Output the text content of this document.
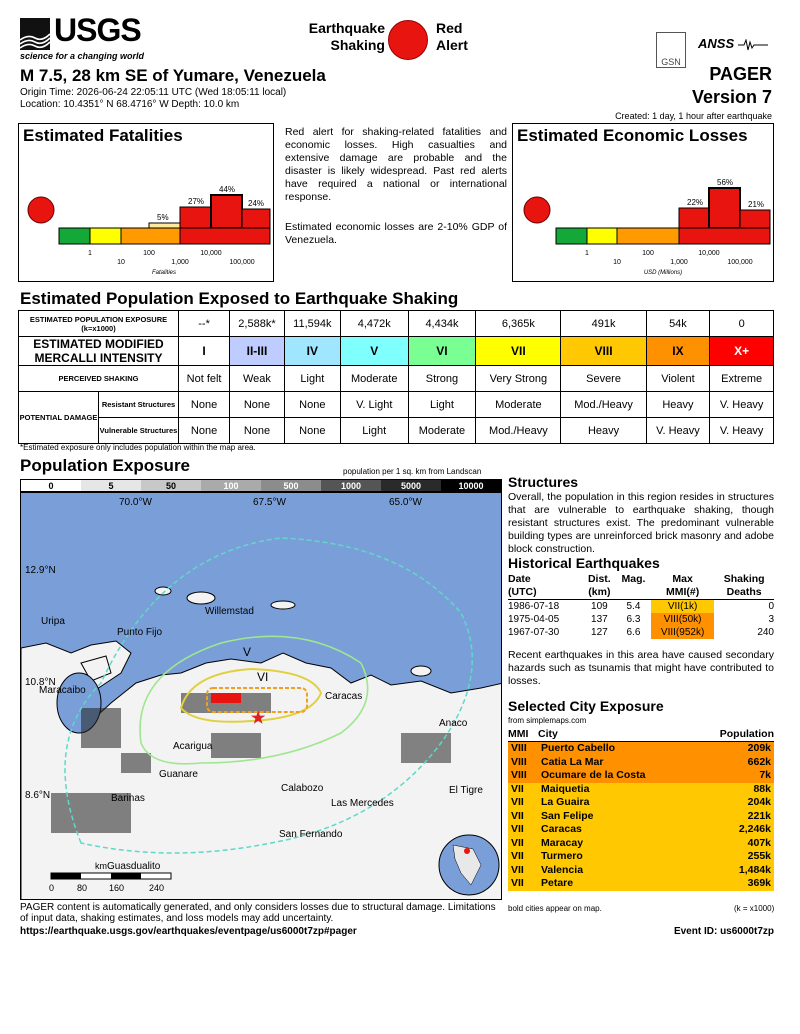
USGS
science for a changing world
Earthquake Shaking
Red Alert
GSN
ANSS
M 7.5, 28 km SE of Yumare, Venezuela
Origin Time: 2026-06-24 22:05:11 UTC (Wed 18:05:11 local)
Location: 10.4351° N 68.4716° W Depth: 10.0 km
PAGER
Version 7
Created: 1 day, 1 hour after earthquake
Estimated Fatalities
5%
27%
44%
24%
1
10
100
1,000
10,000
100,000
Fatalities
Red alert for shaking-related fatalities and economic losses. High casualties and extensive damage are probable and the disaster is likely widespread. Past red alerts have required a national or international response.
Estimated economic losses are 2-10% GDP of Venezuela.
Estimated Economic Losses
22%
56%
21%
1
10
100
1,000
10,000
100,000
USD (Millions)
Estimated Population Exposed to Earthquake Shaking
ESTIMATED POPULATION EXPOSURE (k=x1000)		--*	2,588k*	11,594k	4,472k	4,434k	6,365k	491k	54k	0
ESTIMATED MODIFIED MERCALLI INTENSITY		I	II-III	IV	V	VI	VII	VIII	IX	X+
PERCEIVED SHAKING		Not felt	Weak	Light	Moderate	Strong	Very Strong	Severe	Violent	Extreme
POTENTIAL DAMAGE	Resistant Structures	None	None	None	V. Light	Light	Moderate	Mod./Heavy	Heavy	V. Heavy
	Vulnerable Structures	None	None	None	Light	Moderate	Mod./Heavy	Heavy	V. Heavy	V. Heavy
*Estimated exposure only includes population within the map area.
Population Exposure	population per 1 sq. km from Landscan
0	5	50	100	500	1000	5000	10000
★
70.0°W	67.5°W	65.0°W
12.9°N
10.8°N
8.6°N
Willemstad
Uripa
Punto Fijo
Maracaibo
Acarigua
Guanare
Barinas
Calabozo
Anaco
El Tigre
Las Mercedes
San Fernando
Guasdualito
Caracas
V
VI
km
0	80 160	240
Structures
Overall, the population in this region resides in structures that are vulnerable to earthquake shaking, though resistant structures exist. The predominant vulnerable building types are unreinforced brick masonry and adobe block construction.
Historical Earthquakes
Date	Dist.	Mag.	Max	Shaking
(UTC)	(km)		MMI(#)	Deaths
1986-07-18	109	5.4	VII(1k)	0
1975-04-05	137	6.3	VIII(50k)	3
1967-07-30	127	6.6	VIII(952k)	240
Recent earthquakes in this area have caused secondary hazards such as tsunamis that might have contributed to losses.
Selected City Exposure
from simplemaps.com
MMI	City	Population
VIII	Puerto Cabello	209k
VIII	Catia La Mar	662k
VIII	Ocumare de la Costa	7k
VII	Maiquetia	88k
VII	La Guaira	204k
VII	San Felipe	221k
VII	Caracas	2,246k
VII	Maracay	407k
VII	Turmero	255k
VII	Valencia	1,484k
VII	Petare	369k
bold cities appear on map.	(k = x1000)
PAGER content is automatically generated, and only considers losses due to structural damage. Limitations of input data, shaking estimates, and loss models may add uncertainty.
https://earthquake.usgs.gov/earthquakes/eventpage/us6000t7zp#pager	Event ID: us6000t7zp
